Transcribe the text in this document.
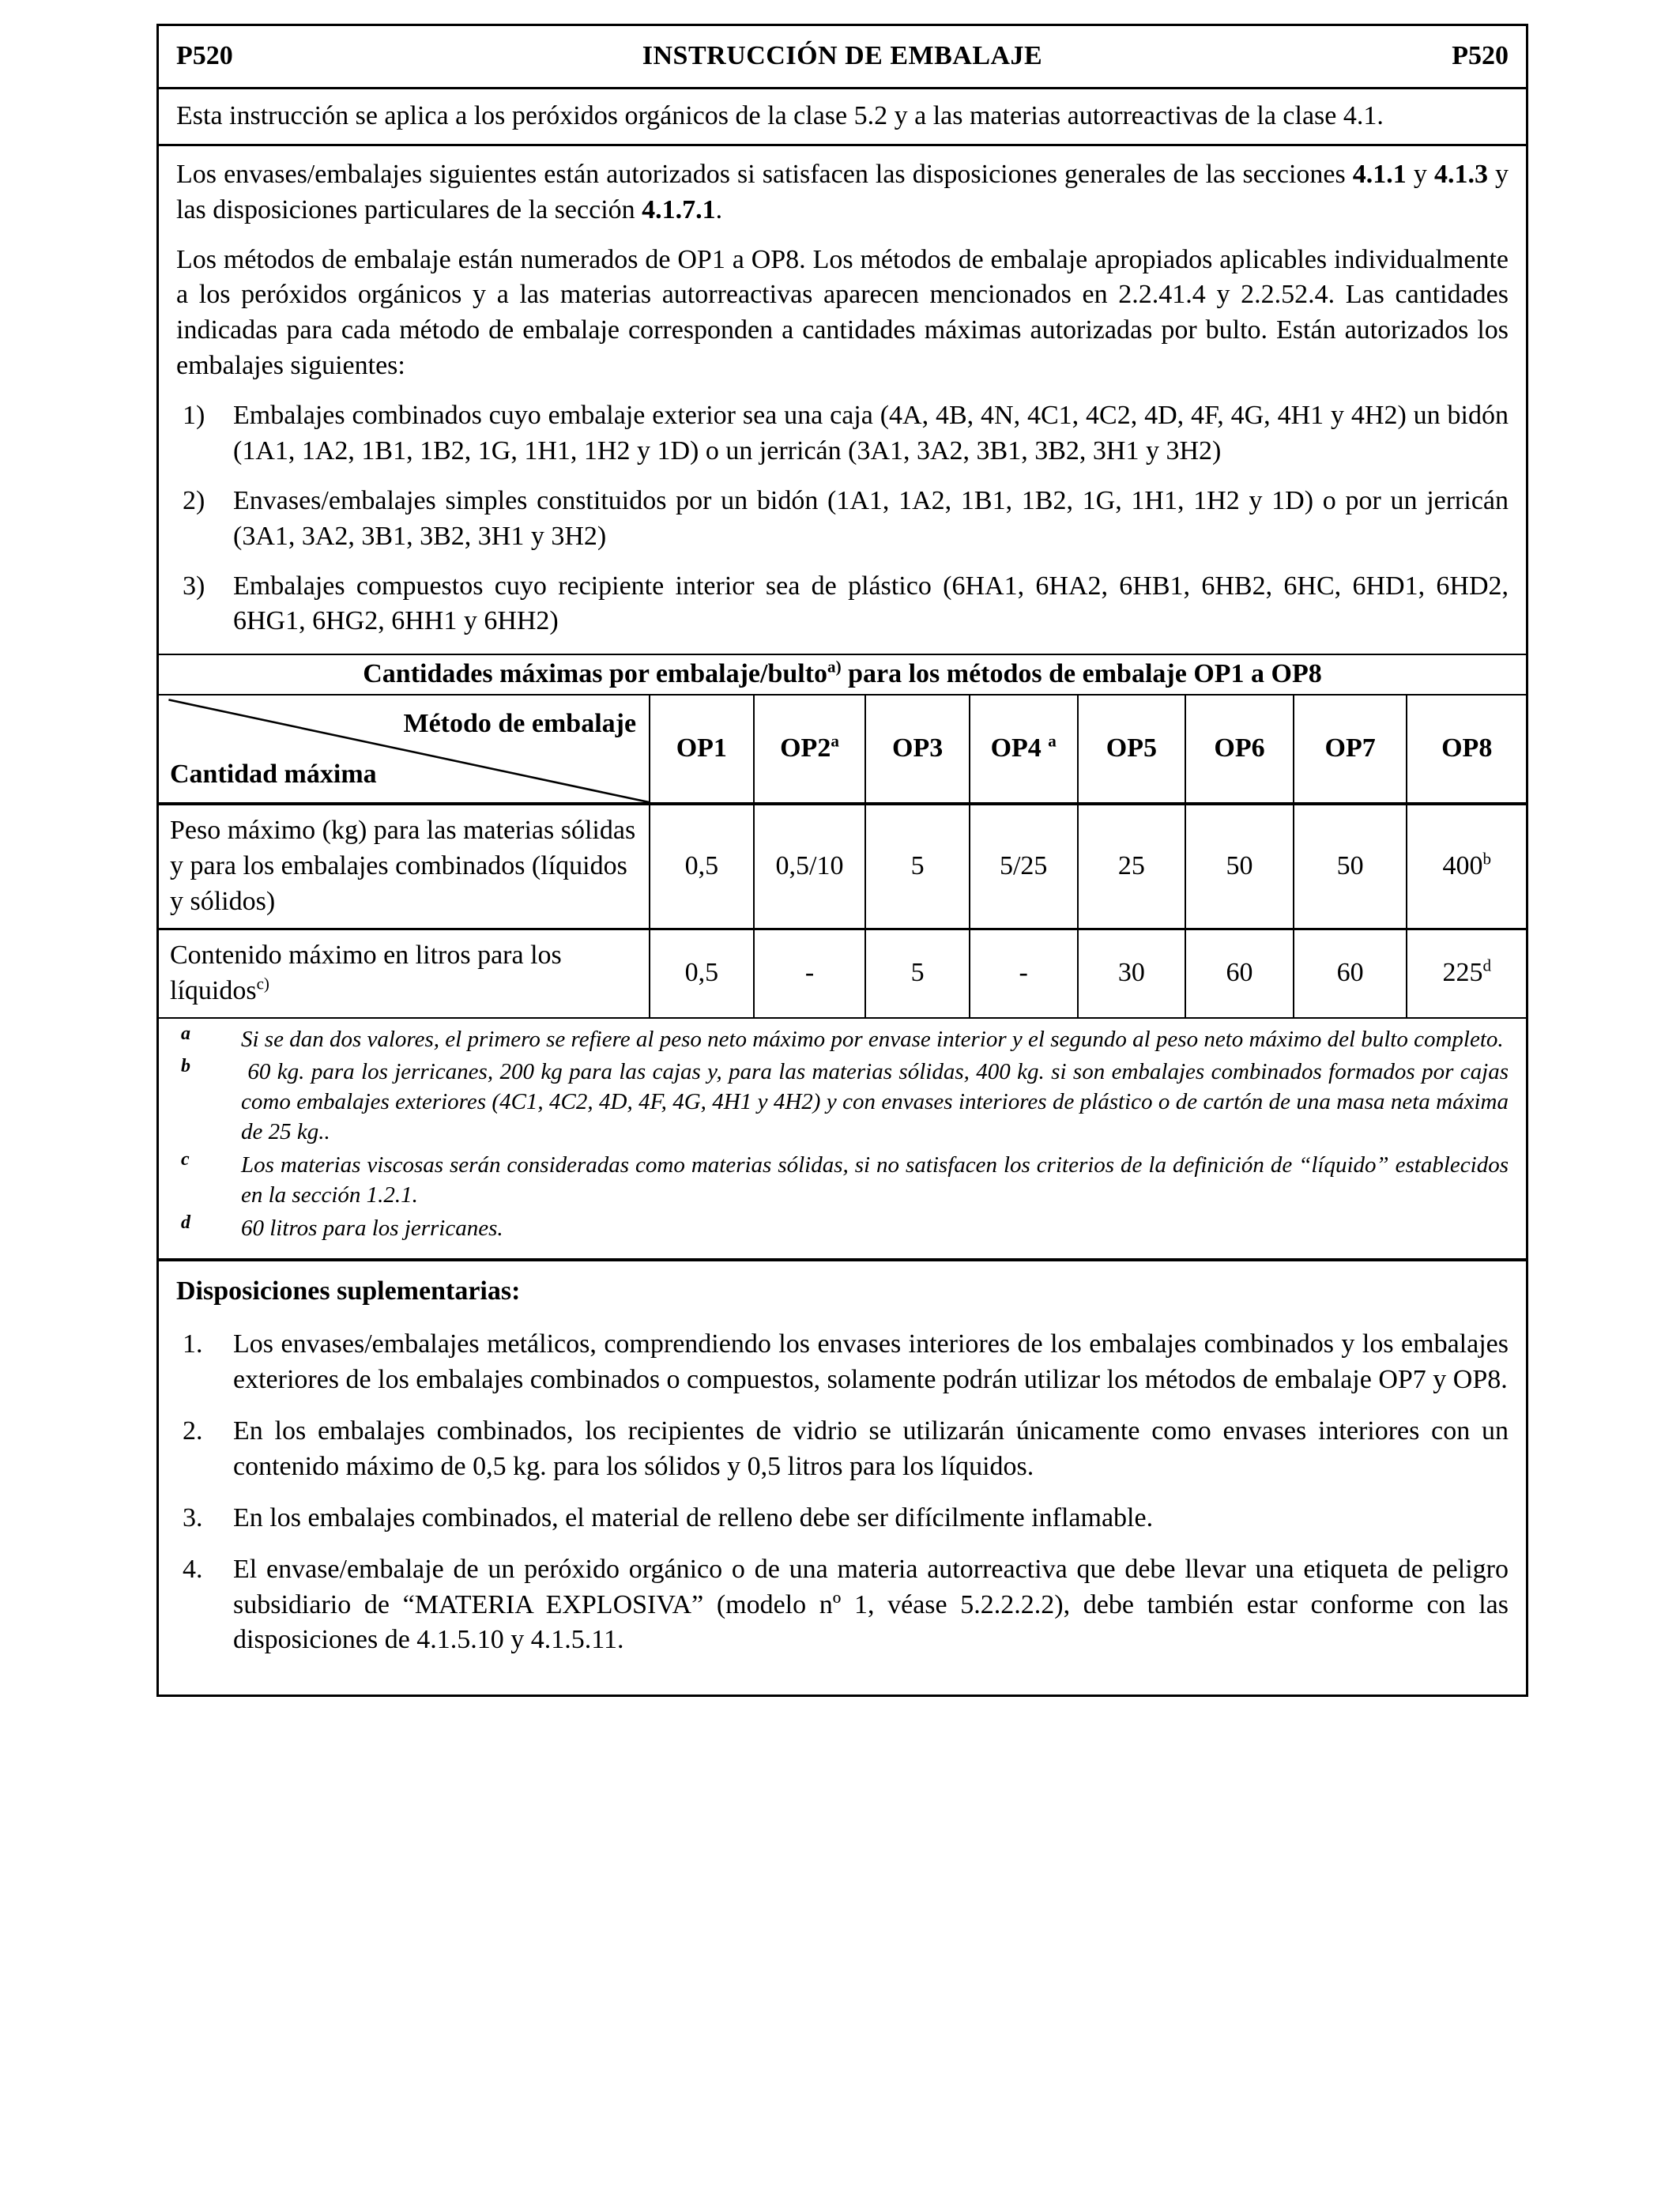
P520	INSTRUCCIÓN DE EMBALAJE	P520
Esta instrucción se aplica a los peróxidos orgánicos de la clase 5.2 y a las materias autorreactivas de la clase 4.1.

Los envases/embalajes siguientes están autorizados si satisfacen las disposiciones generales de las secciones 4.1.1 y 4.1.3 y las disposiciones particulares de la sección 4.1.7.1.

Los métodos de embalaje están numerados de OP1 a OP8. Los métodos de embalaje apropiados aplicables individualmente a los peróxidos orgánicos y a las materias autorreactivas aparecen mencionados en 2.2.41.4 y 2.2.52.4. Las cantidades indicadas para cada método de embalaje corresponden a cantidades máximas autorizadas por bulto. Están autorizados los embalajes siguientes:

1) Embalajes combinados cuyo embalaje exterior sea una caja (4A, 4B, 4N, 4C1, 4C2, 4D, 4F, 4G, 4H1 y 4H2) un bidón (1A1, 1A2, 1B1, 1B2, 1G, 1H1, 1H2 y 1D) o un jerricán (3A1, 3A2, 3B1, 3B2, 3H1 y 3H2)
2) Envases/embalajes simples constituidos por un bidón (1A1, 1A2, 1B1, 1B2, 1G, 1H1, 1H2 y 1D) o por un jerricán (3A1, 3A2, 3B1, 3B2, 3H1 y 3H2)
3) Embalajes compuestos cuyo recipiente interior sea de plástico (6HA1, 6HA2, 6HB1, 6HB2, 6HC, 6HD1, 6HD2, 6HG1, 6HG2, 6HH1 y 6HH2)
Cantidades máximas por embalaje/bulto$^{a)}$ para los métodos de embalaje OP1 a OP8
Método de embalaje
Cantidad máxima	OP1	OP2$^a$	OP3	OP4 $^a$	OP5	OP6	OP7	OP8
Peso máximo (kg) para las materias sólidas y para los embalajes combinados (líquidos y sólidos)	0,5	0,5/10	5	5/25	25	50	50	400$^b$
Contenido máximo en litros para los líquidos$^{c)}$	0,5	-	5	-	30	60	60	225$^d$
a Si se dan dos valores, el primero se refiere al peso neto máximo por envase interior y el segundo al peso neto máximo del bulto completo.
b 60 kg. para los jerricanes, 200 kg para las cajas y, para las materias sólidas, 400 kg. si son embalajes combinados formados por cajas como embalajes exteriores (4C1, 4C2, 4D, 4F, 4G, 4H1 y 4H2) y con envases interiores de plástico o de cartón de una masa neta máxima de 25 kg..
c Los materias viscosas serán consideradas como materias sólidas, si no satisfacen los criterios de la definición de “líquido” establecidos en la sección 1.2.1.
d 60 litros para los jerricanes.

Disposiciones suplementarias:

1. Los envases/embalajes metálicos, comprendiendo los envases interiores de los embalajes combinados y los embalajes exteriores de los embalajes combinados o compuestos, solamente podrán utilizar los métodos de embalaje OP7 y OP8.
2. En los embalajes combinados, los recipientes de vidrio se utilizarán únicamente como envases interiores con un contenido máximo de 0,5 kg. para los sólidos y 0,5 litros para los líquidos.
3. En los embalajes combinados, el material de relleno debe ser difícilmente inflamable.
4. El envase/embalaje de un peróxido orgánico o de una materia autorreactiva que debe llevar una etiqueta de peligro subsidiario de “MATERIA EXPLOSIVA” (modelo nº 1, véase 5.2.2.2.2), debe también estar conforme con las disposiciones de 4.1.5.10 y 4.1.5.11.
